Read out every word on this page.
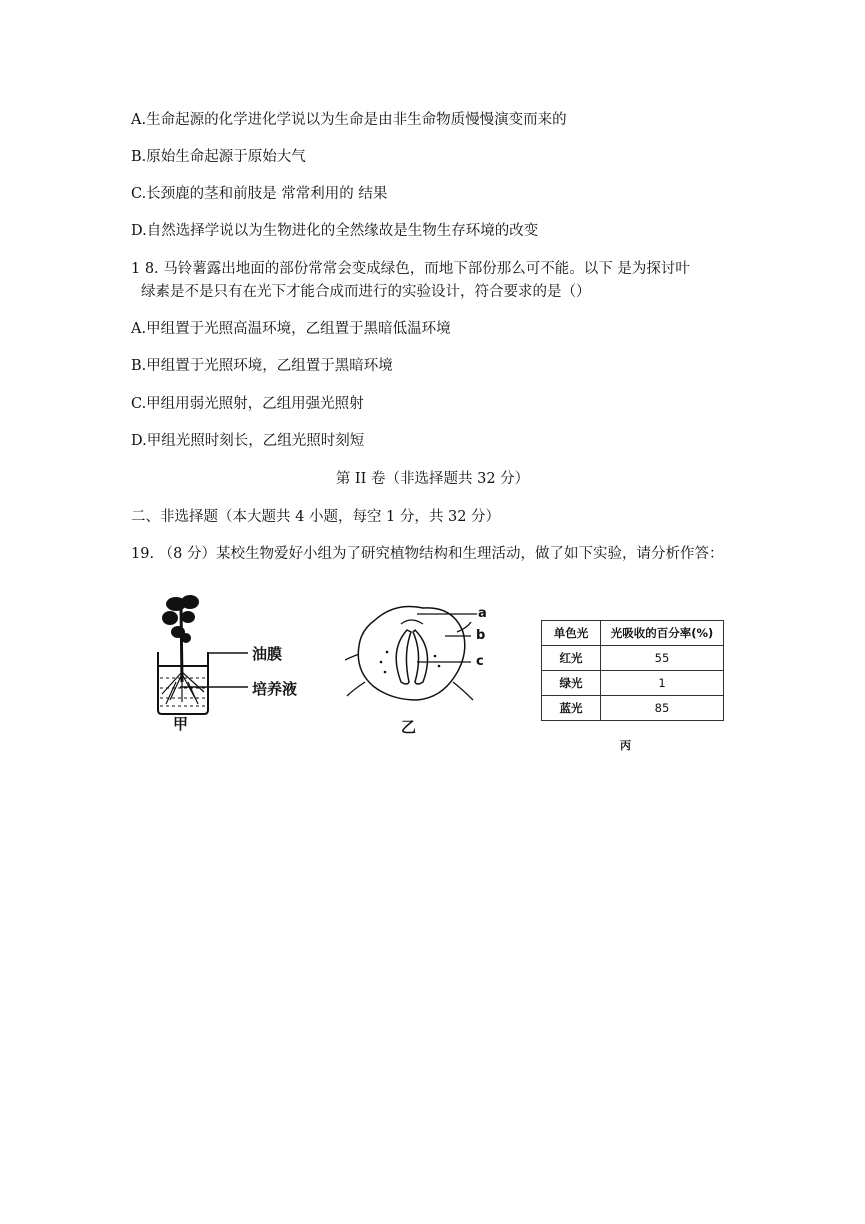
A.生命起源的化学进化学说以为生命是由非生命物质慢慢演变而来的
B.原始生命起源于原始大气
C.长颈鹿的茎和前肢是 常常利用的 结果
D.自然选择学说以为生物进化的全然缘故是生物生存环境的改变
1 8. 马铃薯露出地面的部份常常会变成绿色，而地下部份那么可不能。以下 是为探讨叶
绿素是不是只有在光下才能合成而进行的实验设计，符合要求的是（）
A.甲组置于光照高温环境，乙组置于黑暗低温环境
B.甲组置于光照环境，乙组置于黑暗环境
C.甲组用弱光照射，乙组用强光照射
D.甲组光照时刻长，乙组光照时刻短
第 II 卷（非选择题共 32 分）
二、非选择题（本大题共 4 小题，每空 1 分，共 32 分）
19. （8 分）某校生物爱好小组为了研究植物结构和生理活动，做了如下实验，请分析作答：
油膜
培养液
甲
a
b
c
乙
单色光	光吸收的百分率(%)
红光	55
绿光	1
蓝光	85
丙
